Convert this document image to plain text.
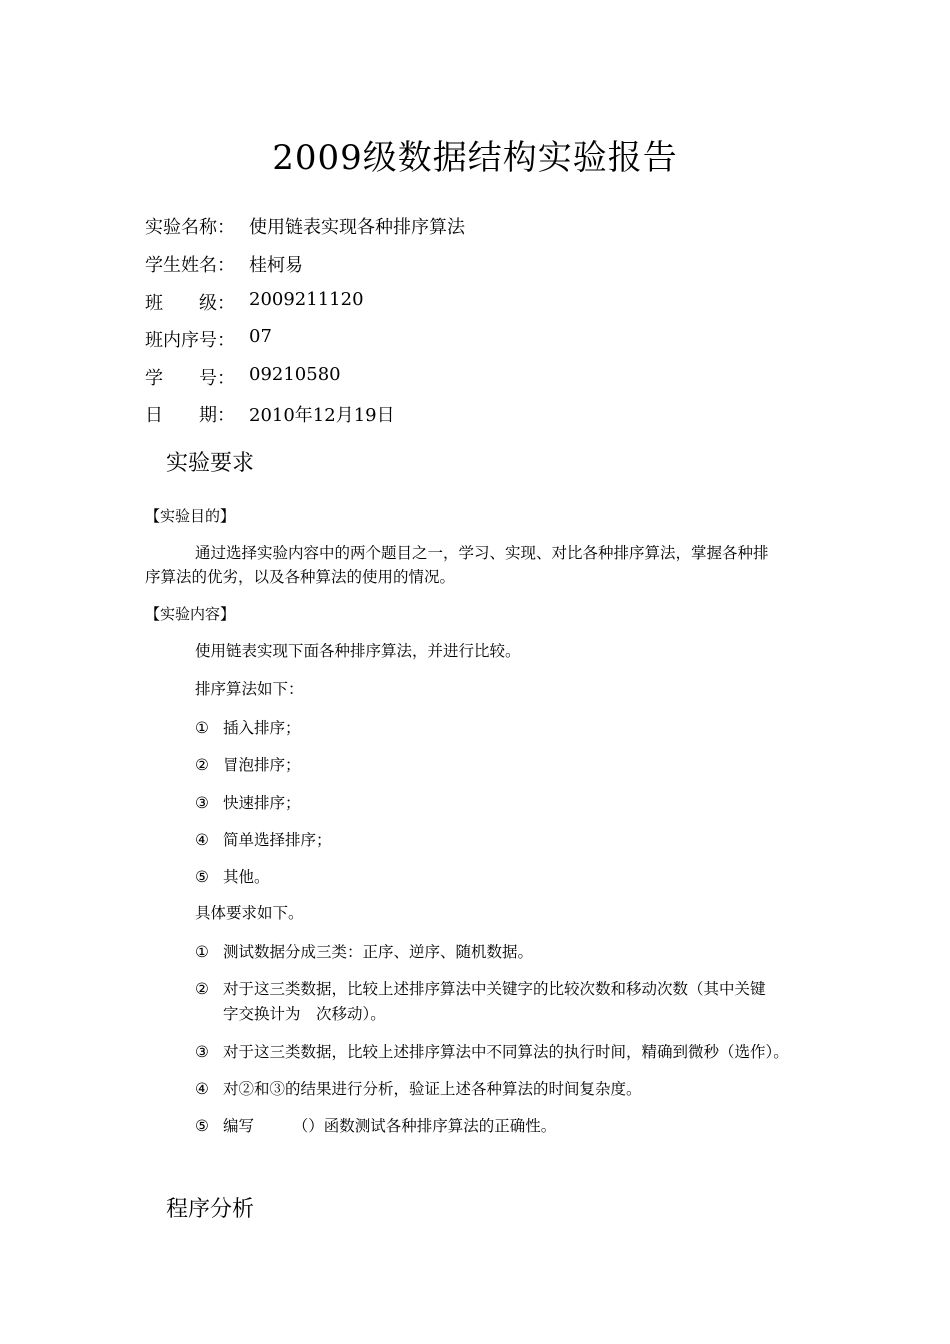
2009级数据结构实验报告
实验名称： 使用链表实现各种排序算法
学生姓名： 桂柯易
班　　级： 2009211120
班内序号： 07
学　　号： 09210580
日　　期： 2010年12月19日
实验要求
【实验目的】
通过选择实验内容中的两个题目之一，学习、实现、对比各种排序算法，掌握各种排
序算法的优劣，以及各种算法的使用的情况。
【实验内容】
使用链表实现下面各种排序算法，并进行比较。
排序算法如下：
① 插入排序；
② 冒泡排序；
③ 快速排序；
④ 简单选择排序；
⑤ 其他。
具体要求如下。
① 测试数据分成三类：正序、逆序、随机数据。
② 对于这三类数据，比较上述排序算法中关键字的比较次数和移动次数（其中关键
字交换计为　次移动）。
③ 对于这三类数据，比较上述排序算法中不同算法的执行时间，精确到微秒（选作）。
④ 对②和③的结果进行分析，验证上述各种算法的时间复杂度。
⑤ 编写　　　（）函数测试各种排序算法的正确性。
程序分析
